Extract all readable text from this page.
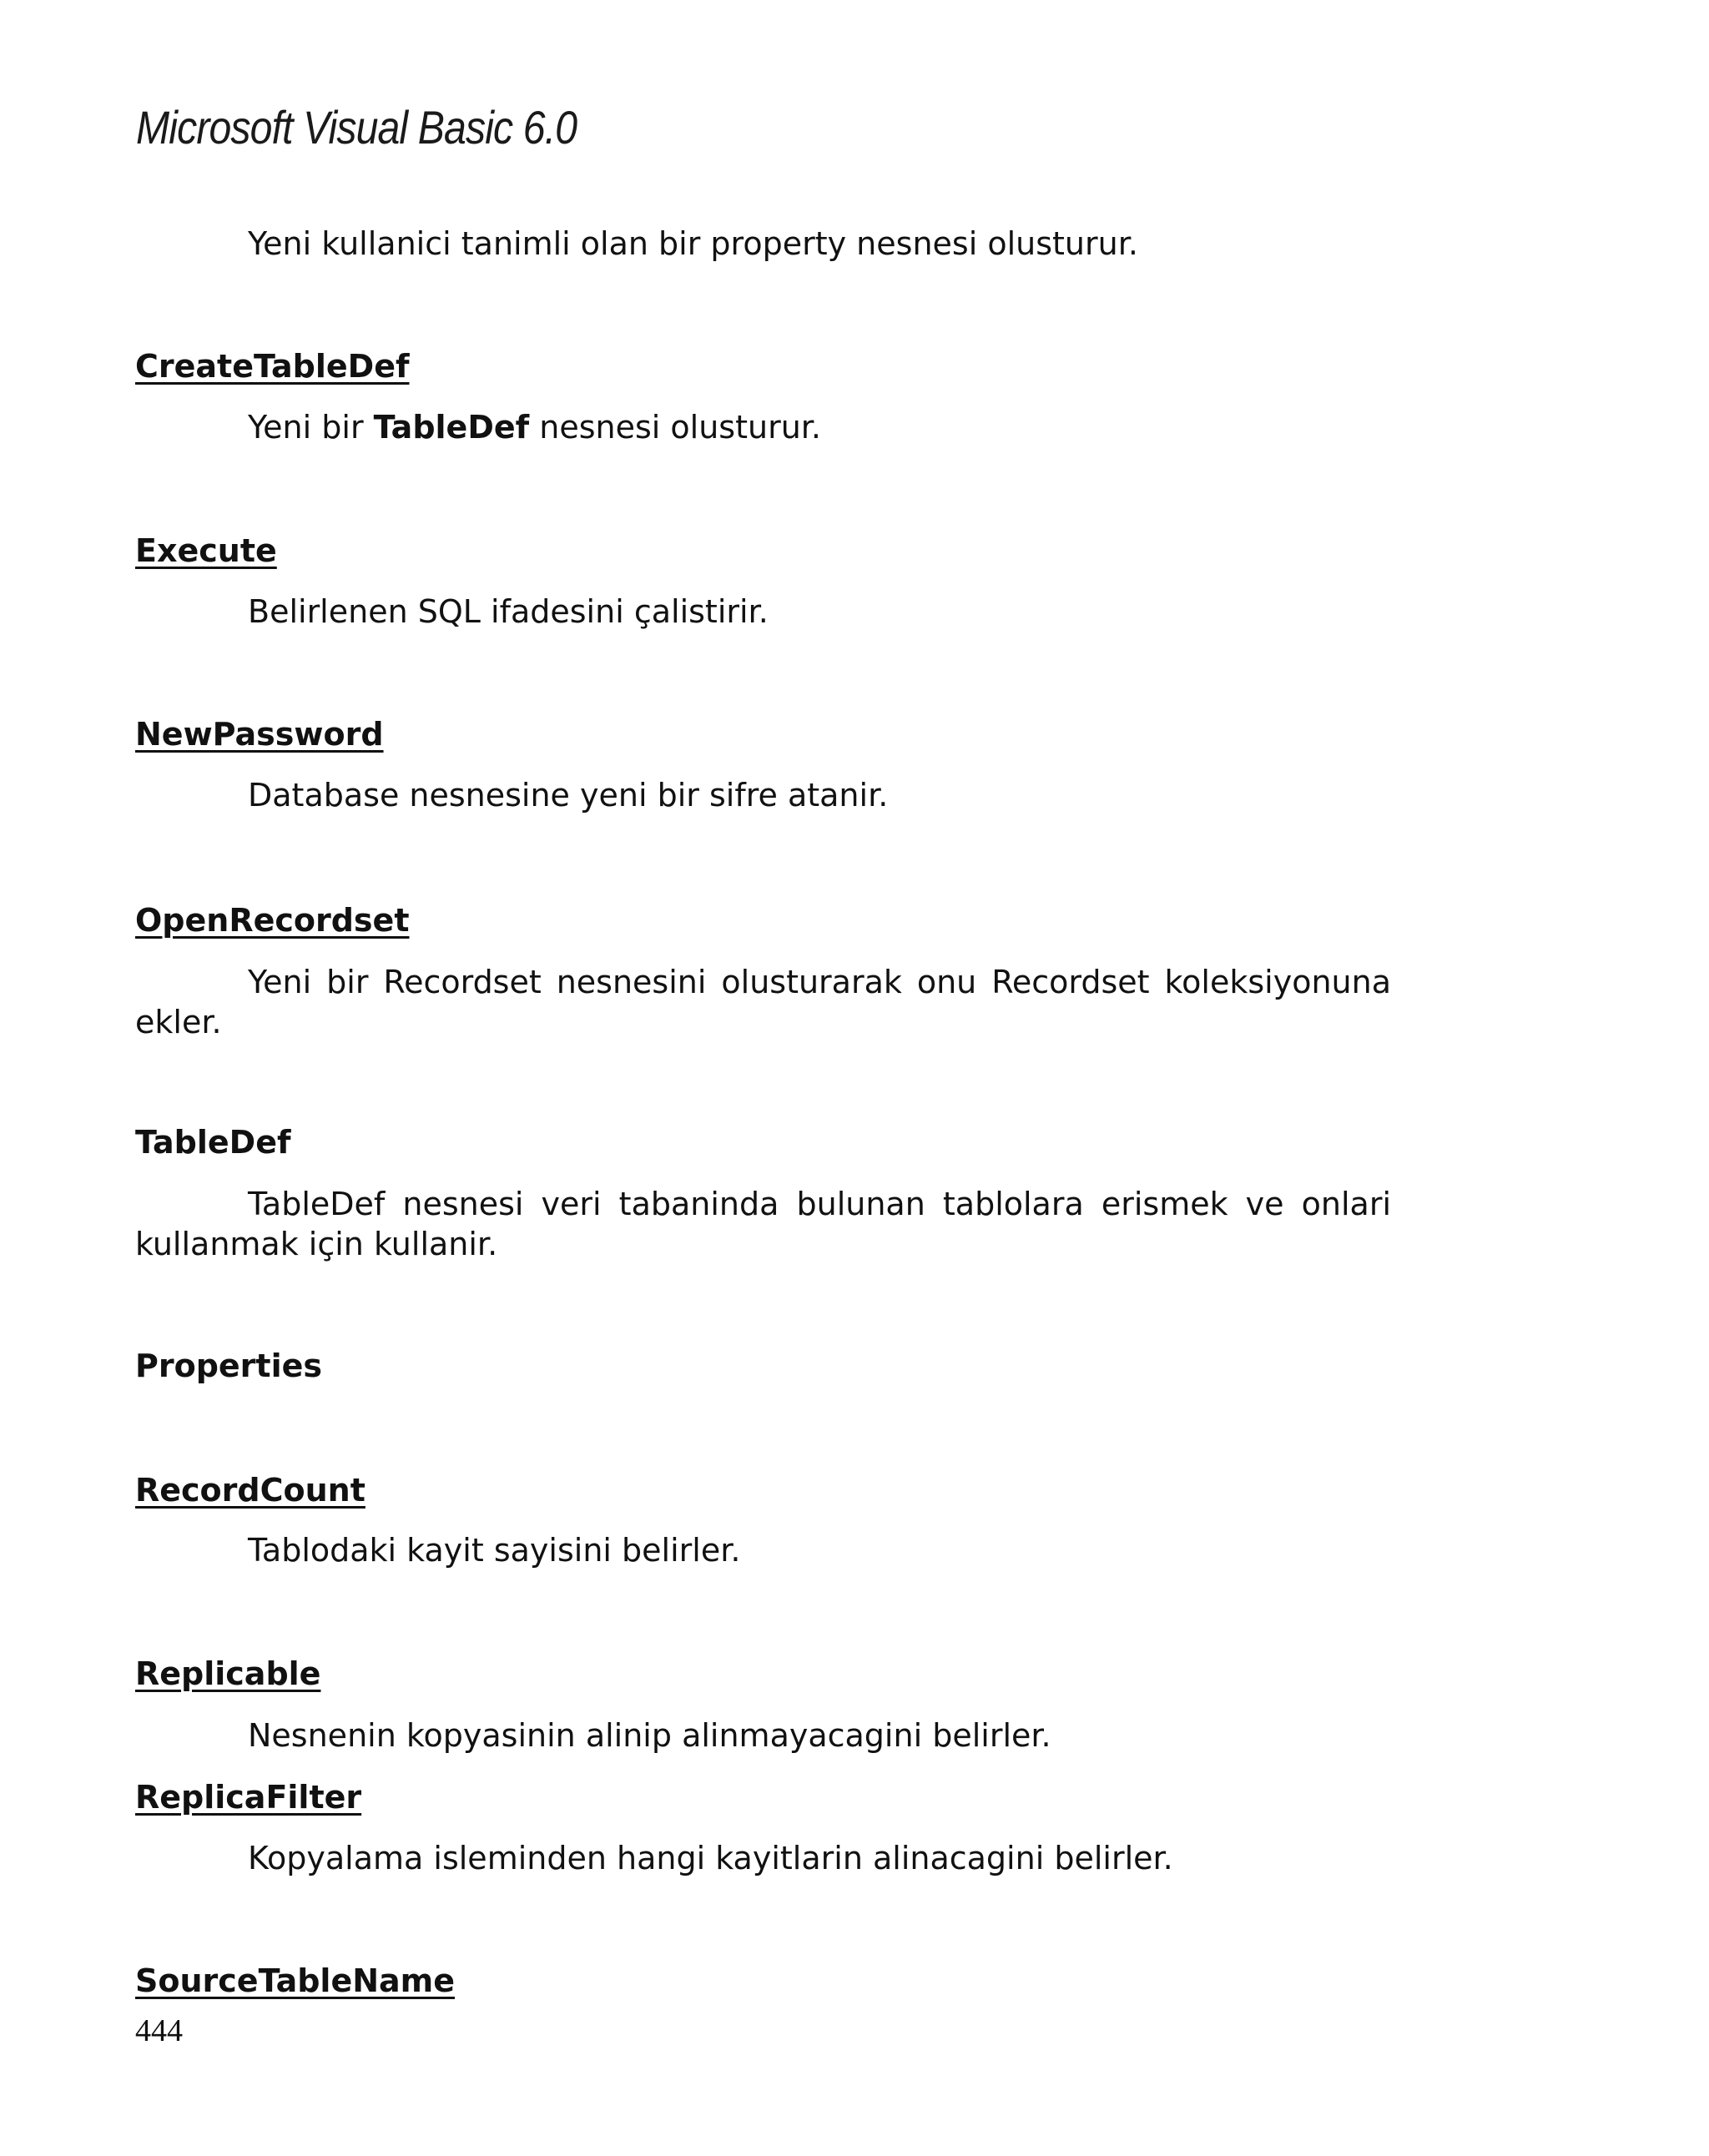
Microsoft Visual Basic 6.0
Yeni kullanici tanimli olan bir property nesnesi olusturur.
CreateTableDef
Yeni bir TableDef nesnesi olusturur.
Execute
Belirlenen SQL ifadesini çalistirir.
NewPassword
Database nesnesine yeni bir sifre atanir.
OpenRecordset
Yeni bir Recordset nesnesini olusturarak onu Recordset koleksiyonuna ekler.
TableDef
TableDef nesnesi veri tabaninda bulunan tablolara erismek ve onlari kullanmak için kullanir.
Properties
RecordCount
Tablodaki kayit sayisini belirler.
Replicable
Nesnenin kopyasinin alinip alinmayacagini belirler.
ReplicaFilter
Kopyalama isleminden hangi kayitlarin alinacagini belirler.
SourceTableName
444
